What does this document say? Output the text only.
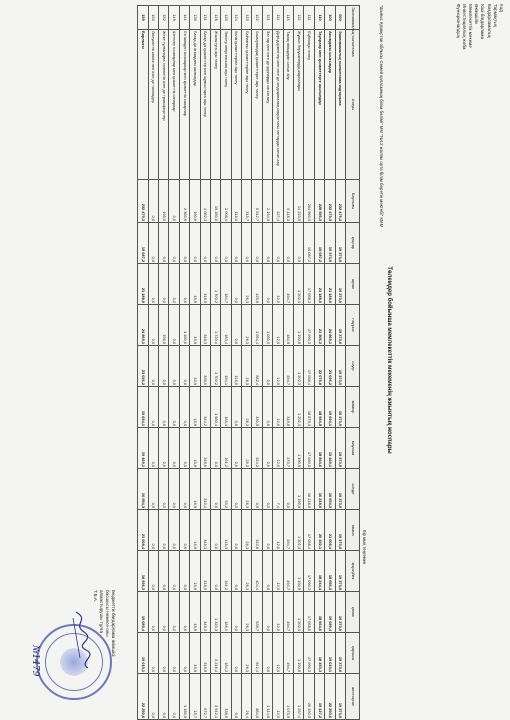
Код
Тармақтық
Бағдарламалық
Кіші бағдарлама
Әкімшілік
Мемлекеттік мекеме
Инвестициялық жоба
Функционалдық
Төлемдер бойынша мемлекеттік мекеменің жиынтық жоспары
"Шығыс Қазақстан облысы Семей қаласының білім бөлімі" ММ "№12 жалпы орта білім беретін мектебі" КММ
Бір мың теңгемен
	Атауы	Барлығы	қаңтар	ақпан	наурыз	сәуір	мамыр	маусым	шілде	тамыз	қыркүйек	қазан	қараша	желтоқсан
000	Экономикалық сыныптама кодтарына	232 479,3	19 373,9	19 373,9	19 373,9	19 373,9	19 373,9	19 373,9	19 373,9	19 373,9	19 373,9	19 373,9	19 373,9	19 373,9
100	Ағымдағы шығындар	232 479,3	19 373,9	21 188,0	24 869,1	23 026,2	19 694,1	19 469,1	16 954,3	21 008,4	18 956,3	19 089,4	19 019,1	22 250,6
110	Тауарлар мен қызметтерге шығындар	228 956,3	15 087,2	21 188,0	21 306,3	22 075,8	18 954,8	18 894,6	16 218,0	20 452,1	18 244,4	18 664,6	18 453,3	19 427,2
111	Еңбекақы төлеу	204 960,3	15 087,2	17 058,3	17 090,3	17 058,4	16 879,3	17 080,3	16 218,0	17 058,4	17 090,3	17 058,5	17 090,3	20 190,5
112	Жұмыс берушілердің жарналары	14 223,5	0,0	1 202,3	1 190,9	1 202,3	1 202,3	1 190,9	1 190,9	1 202,3	1 190,9	1 202,3	1 190,9	1 257,4
113	Тамақ өнімдерін сатып алу	5 118,3	0,0	494,7	484,9	494,7	319,8	270,7	0,0	494,7	494,7	494,7	494,7	1 073,9
114	Дәрі-дәрмектер мен өзге де медициналық мақсаттағы заттарды сатып алу	127,4	0,0	12,0	12,0	12,0	12,0	12,0	7,4	12,0	12,0	12,0	12,0	12,0
121	Заттар мен өзге де қорларды сатып алу	2 164,5	0,0	0,0	1 050,0	0,0	0,0	0,0	0,0	0,0	0,0	0,0	0,0	1 114,5
122	Коммуналдық қызметтерге ақы төлеу	5 512,7	0,0	425,9	1 054,4	582,4	330,9	324,2	0,0	323,8	404,4	539,7	642,4	884,6
123	Байланыс қызметтеріне ақы төлеу	315,7	0,0	26,3	26,3	26,3	26,3	26,3	26,3	26,3	26,3	26,3	26,3	26,4
124	Көлік қызметтеріне ақы төлеу	116,0	0,0	0,0	0,0	116,0	0,0	0,0	0,0	0,0	0,0	0,0	0,0	0,0
125	Электр энергиясына ақы төлеу	2 008,4	0,0	184,7	183,4	184,1	183,4	161,2	93,2	148,3	161,2	186,1	184,2	338,5
126	Жылытуға ақы төлеу	15 280,0	0,0	1 700,2	1 720,4	1 700,2	1 680,4	0,0	0,0	0,0	0,0	1 320,3	3 216,4	3 942,1
131	Басқа да қызметтер мен жұмыстарға ақы төлеу	4 082,3	0,0	318,5	348,3	336,0	344,2	318,6	310,4	348,3	318,5	348,3	318,5	672,7
135	Басқа да ағымдағы шығындар	190,6	0,0	15,9	15,9	15,9	15,9	15,9	15,9	15,9	15,9	15,9	15,9	15,7
141	Ел ішіндегі іссапарлар мен қызметтік сапарлар	2 360,0	0,0	0,0	1 180,0	0,0	0,0	0,0	0,0	0,0	0,0	0,0	0,0	1 180,0
149	Шетелге іссапарлар мен қызметтік сапарлар	0,0	0,0	0,0	0,0	0,0	0,0	0,0	0,0	0,0	0,0	0,0	0,0	0,0
152	Жеке тұлғаларға төленетін өзге де трансферттер	195,0	0,0	0,0	195,0	0,0	0,0	0,0	0,0	0,0	0,0	0,0	0,0	0,0
153	Әлеуметтік көмек пен өзге де төлемдер	0,0	0,0	0,0	0,0	0,0	0,0	0,0	0,0	0,0	0,0	0,0	0,0	0,0
159	Барлығы	232 479,3	15 087,2	21 188,0	24 869,1	23 026,2	19 694,1	19 469,1	16 954,3	21 008,4	18 956,3	19 089,4	19 019,1	22 250,6
Бюджеттік бағдарлама әкімшісі
басшысы немесе оны
алмастырушы тұлға
Т.Б.А.
№1479
